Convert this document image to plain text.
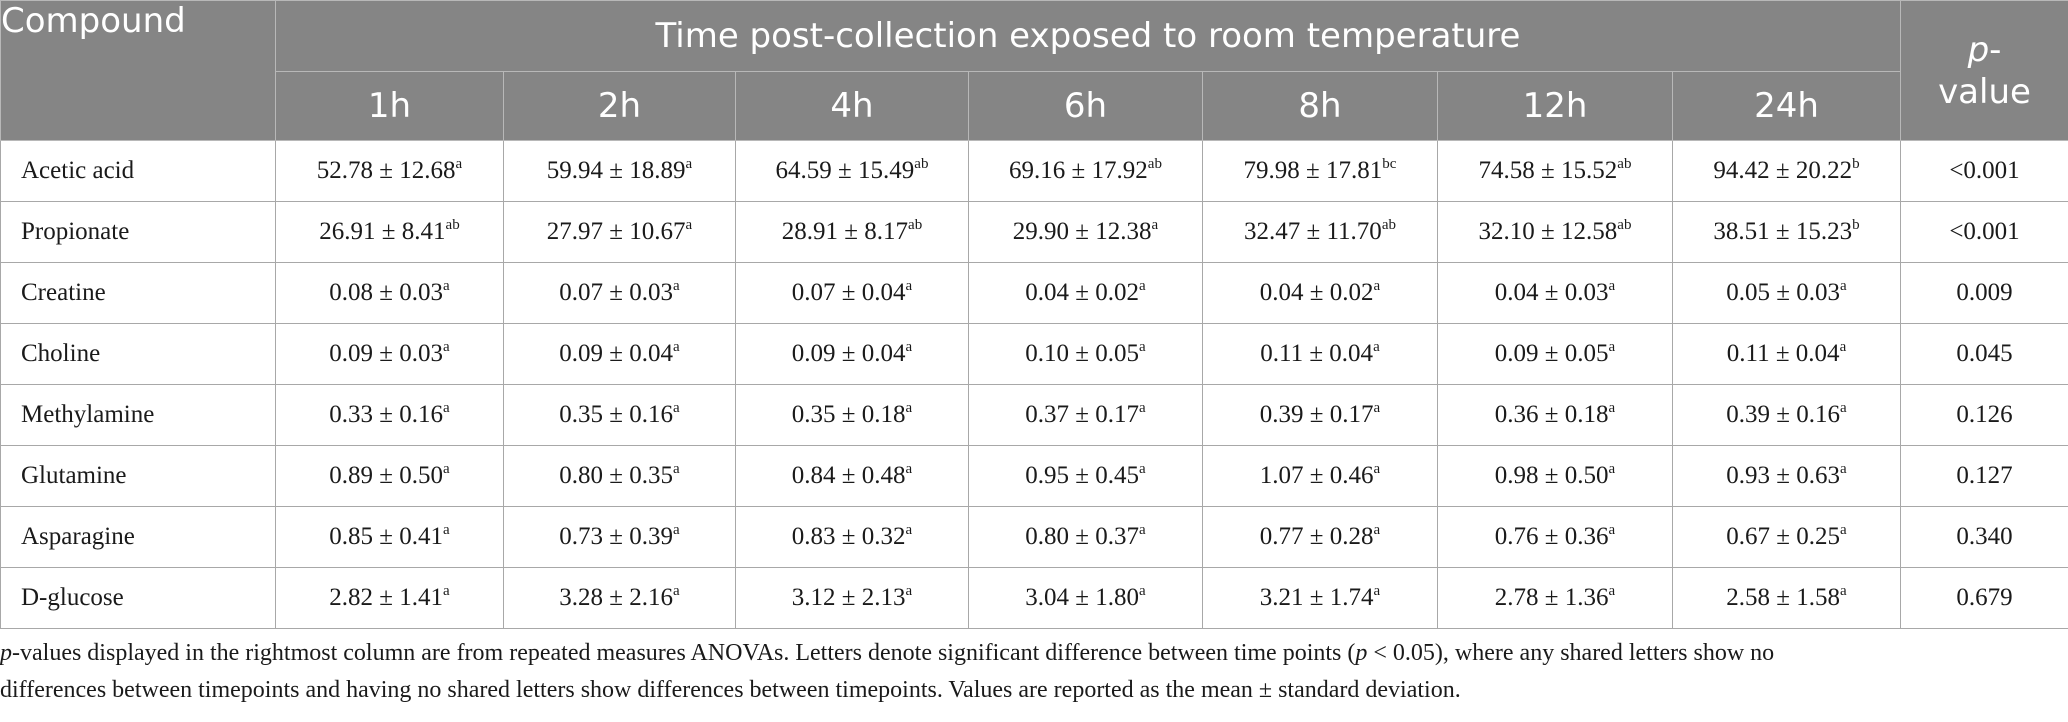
Compound	Time post-collection exposed to room temperature							p-
value
	1h	2h	4h	6h	8h	12h	24h	
Acetic acid	52.78 ± 12.68$^a$	59.94 ± 18.89$^a$	64.59 ± 15.49$^{ab}$	69.16 ± 17.92$^{ab}$	79.98 ± 17.81$^{bc}$	74.58 ± 15.52$^{ab}$	94.42 ± 20.22$^b$	<0.001
Propionate	26.91 ± 8.41$^{ab}$	27.97 ± 10.67$^a$	28.91 ± 8.17$^{ab}$	29.90 ± 12.38$^a$	32.47 ± 11.70$^{ab}$	32.10 ± 12.58$^{ab}$	38.51 ± 15.23$^b$	<0.001
Creatine	0.08 ± 0.03$^a$	0.07 ± 0.03$^a$	0.07 ± 0.04$^a$	0.04 ± 0.02$^a$	0.04 ± 0.02$^a$	0.04 ± 0.03$^a$	0.05 ± 0.03$^a$	0.009
Choline	0.09 ± 0.03$^a$	0.09 ± 0.04$^a$	0.09 ± 0.04$^a$	0.10 ± 0.05$^a$	0.11 ± 0.04$^a$	0.09 ± 0.05$^a$	0.11 ± 0.04$^a$	0.045
Methylamine	0.33 ± 0.16$^a$	0.35 ± 0.16$^a$	0.35 ± 0.18$^a$	0.37 ± 0.17$^a$	0.39 ± 0.17$^a$	0.36 ± 0.18$^a$	0.39 ± 0.16$^a$	0.126
Glutamine	0.89 ± 0.50$^a$	0.80 ± 0.35$^a$	0.84 ± 0.48$^a$	0.95 ± 0.45$^a$	1.07 ± 0.46$^a$	0.98 ± 0.50$^a$	0.93 ± 0.63$^a$	0.127
Asparagine	0.85 ± 0.41$^a$	0.73 ± 0.39$^a$	0.83 ± 0.32$^a$	0.80 ± 0.37$^a$	0.77 ± 0.28$^a$	0.76 ± 0.36$^a$	0.67 ± 0.25$^a$	0.340
D-glucose	2.82 ± 1.41$^a$	3.28 ± 2.16$^a$	3.12 ± 2.13$^a$	3.04 ± 1.80$^a$	3.21 ± 1.74$^a$	2.78 ± 1.36$^a$	2.58 ± 1.58$^a$	0.679

p-values displayed in the rightmost column are from repeated measures ANOVAs. Letters denote significant difference between time points (p < 0.05), where any shared letters show no
differences between timepoints and having no shared letters show differences between timepoints. Values are reported as the mean ± standard deviation.
